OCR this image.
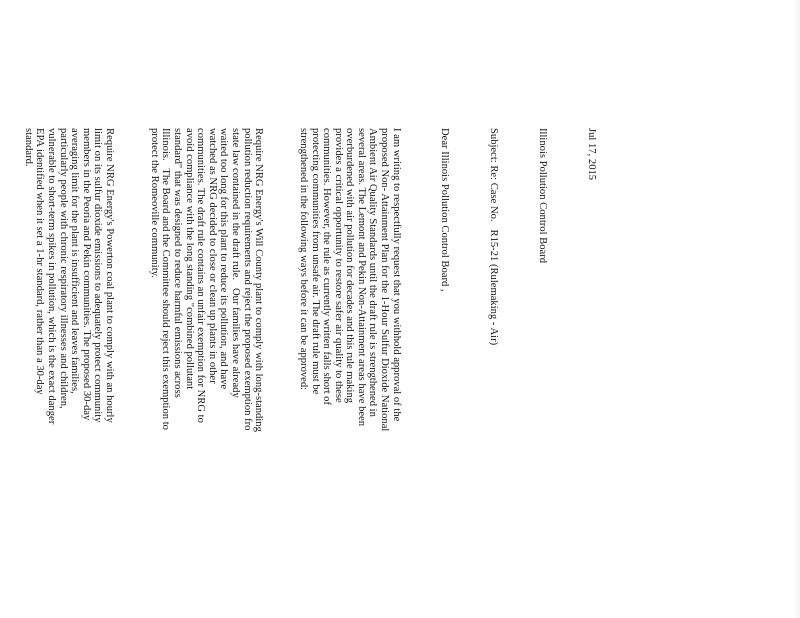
Jul 17, 2015

Illinois Pollution Control Board

Subject: Re: Case No.   R15-21 (Rulemaking - Air)

Dear Illinois Pollution Control Board ,

I am writing to respectfully request that you withhold approval of the
proposed Non- Attainment Plan for the 1-Hour Sulfur Dioxide National
Ambient Air Quality Standards until the draft rule is strengthened in
several areas. The Lemont and Pekin Non-Attainment areas have been
overburdened with air pollution for decades and this rule making
provides a critical opportunity to restore safer air quality to these
communities. However, the rule as currently written falls short of
protecting communities from unsafe air. The draft rule must be
strengthened in the following ways before it can be approved:

Require NRG Energy's Will County plant to comply with long-standing
pollution reduction requirements and reject the proposed exemption fro
state law contained in the draft rule.   Our families have already
waited too long for this plant to reduce its pollution, and have
watched as NRG decided to close or clean up plants in other
communities. The draft rule contains an unfair exemption for NRG to
avoid compliance with the long standing "combined pollutant
standard" that was designed to reduce harmful emissions across
Illinois.   The Board and the Committee should reject this exemption to
protect the Romeoville community.

Require NRG Energy's Powerton coal plant to comply with an hourly
limit on its sulfur dioxide emissions to adequately protect community
members in the Peoria and Pekin communities. The proposed 30-day
averaging limit for the plant is insufficient and leaves families,
particularly people with chronic respiratory illnesses and children,
vulnerable to short-term spikes in pollution, which is the exact danger
EPA identified when it set a 1-hr standard, rather than a 30-day
standard.
